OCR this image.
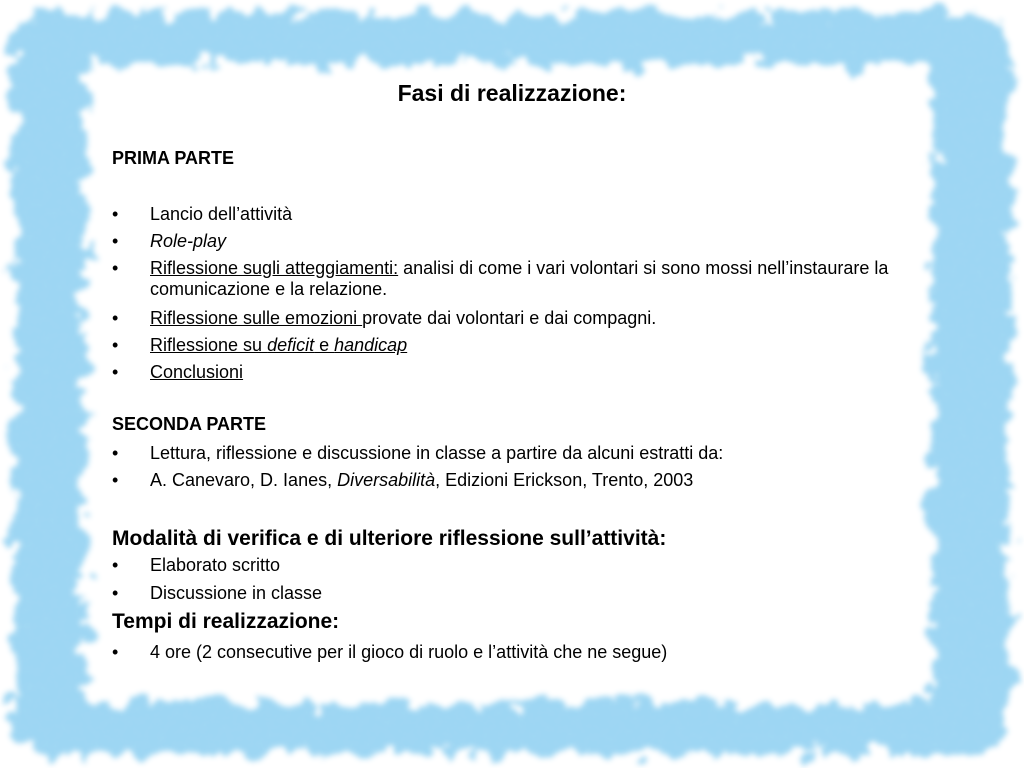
Fasi di realizzazione:
PRIMA PARTE
•	Lancio dell’attività
•	Role-play
•	Riflessione sugli atteggiamenti: analisi di come i vari volontari si sono mossi nell’instaurare la comunicazione e la relazione.
•	Riflessione sulle emozioni provate dai volontari e dai compagni.
•	Riflessione su deficit e handicap
•	Conclusioni
SECONDA PARTE
•	Lettura, riflessione e discussione in classe a partire da alcuni estratti da:
•	A. Canevaro, D. Ianes, Diversabilità, Edizioni Erickson, Trento, 2003
Modalità di verifica e di ulteriore riflessione sull’attività:
•	Elaborato scritto
•	Discussione in classe
Tempi di realizzazione:
•	4 ore (2 consecutive per il gioco di ruolo e l’attività che ne segue)
